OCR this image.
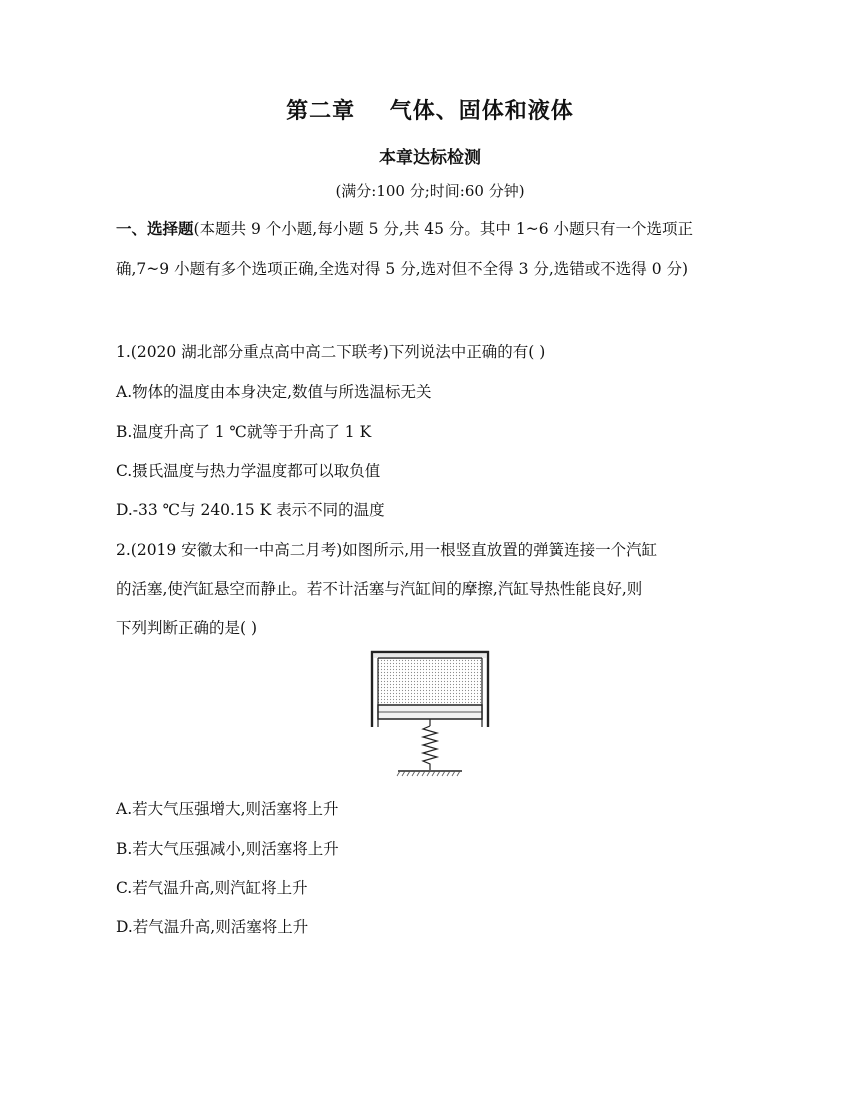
第二章    气体、固体和液体
本章达标检测
(满分:100 分;时间:60 分钟)
一、选择题(本题共 9 个小题,每小题 5 分,共 45 分。其中 1~6 小题只有一个选项正确,7~9 小题有多个选项正确,全选对得 5 分,选对但不全得 3 分,选错或不选得 0 分)
1.(2020 湖北部分重点高中高二下联考)下列说法中正确的有( )
A.物体的温度由本身决定,数值与所选温标无关
B.温度升高了 1 ℃就等于升高了 1 K
C.摄氏温度与热力学温度都可以取负值
D.-33 ℃与 240.15 K 表示不同的温度
2.(2019 安徽太和一中高二月考)如图所示,用一根竖直放置的弹簧连接一个汽缸
的活塞,使汽缸悬空而静止。若不计活塞与汽缸间的摩擦,汽缸导热性能良好,则
下列判断正确的是( )
A.若大气压强增大,则活塞将上升
B.若大气压强减小,则活塞将上升
C.若气温升高,则汽缸将上升
D.若气温升高,则活塞将上升
